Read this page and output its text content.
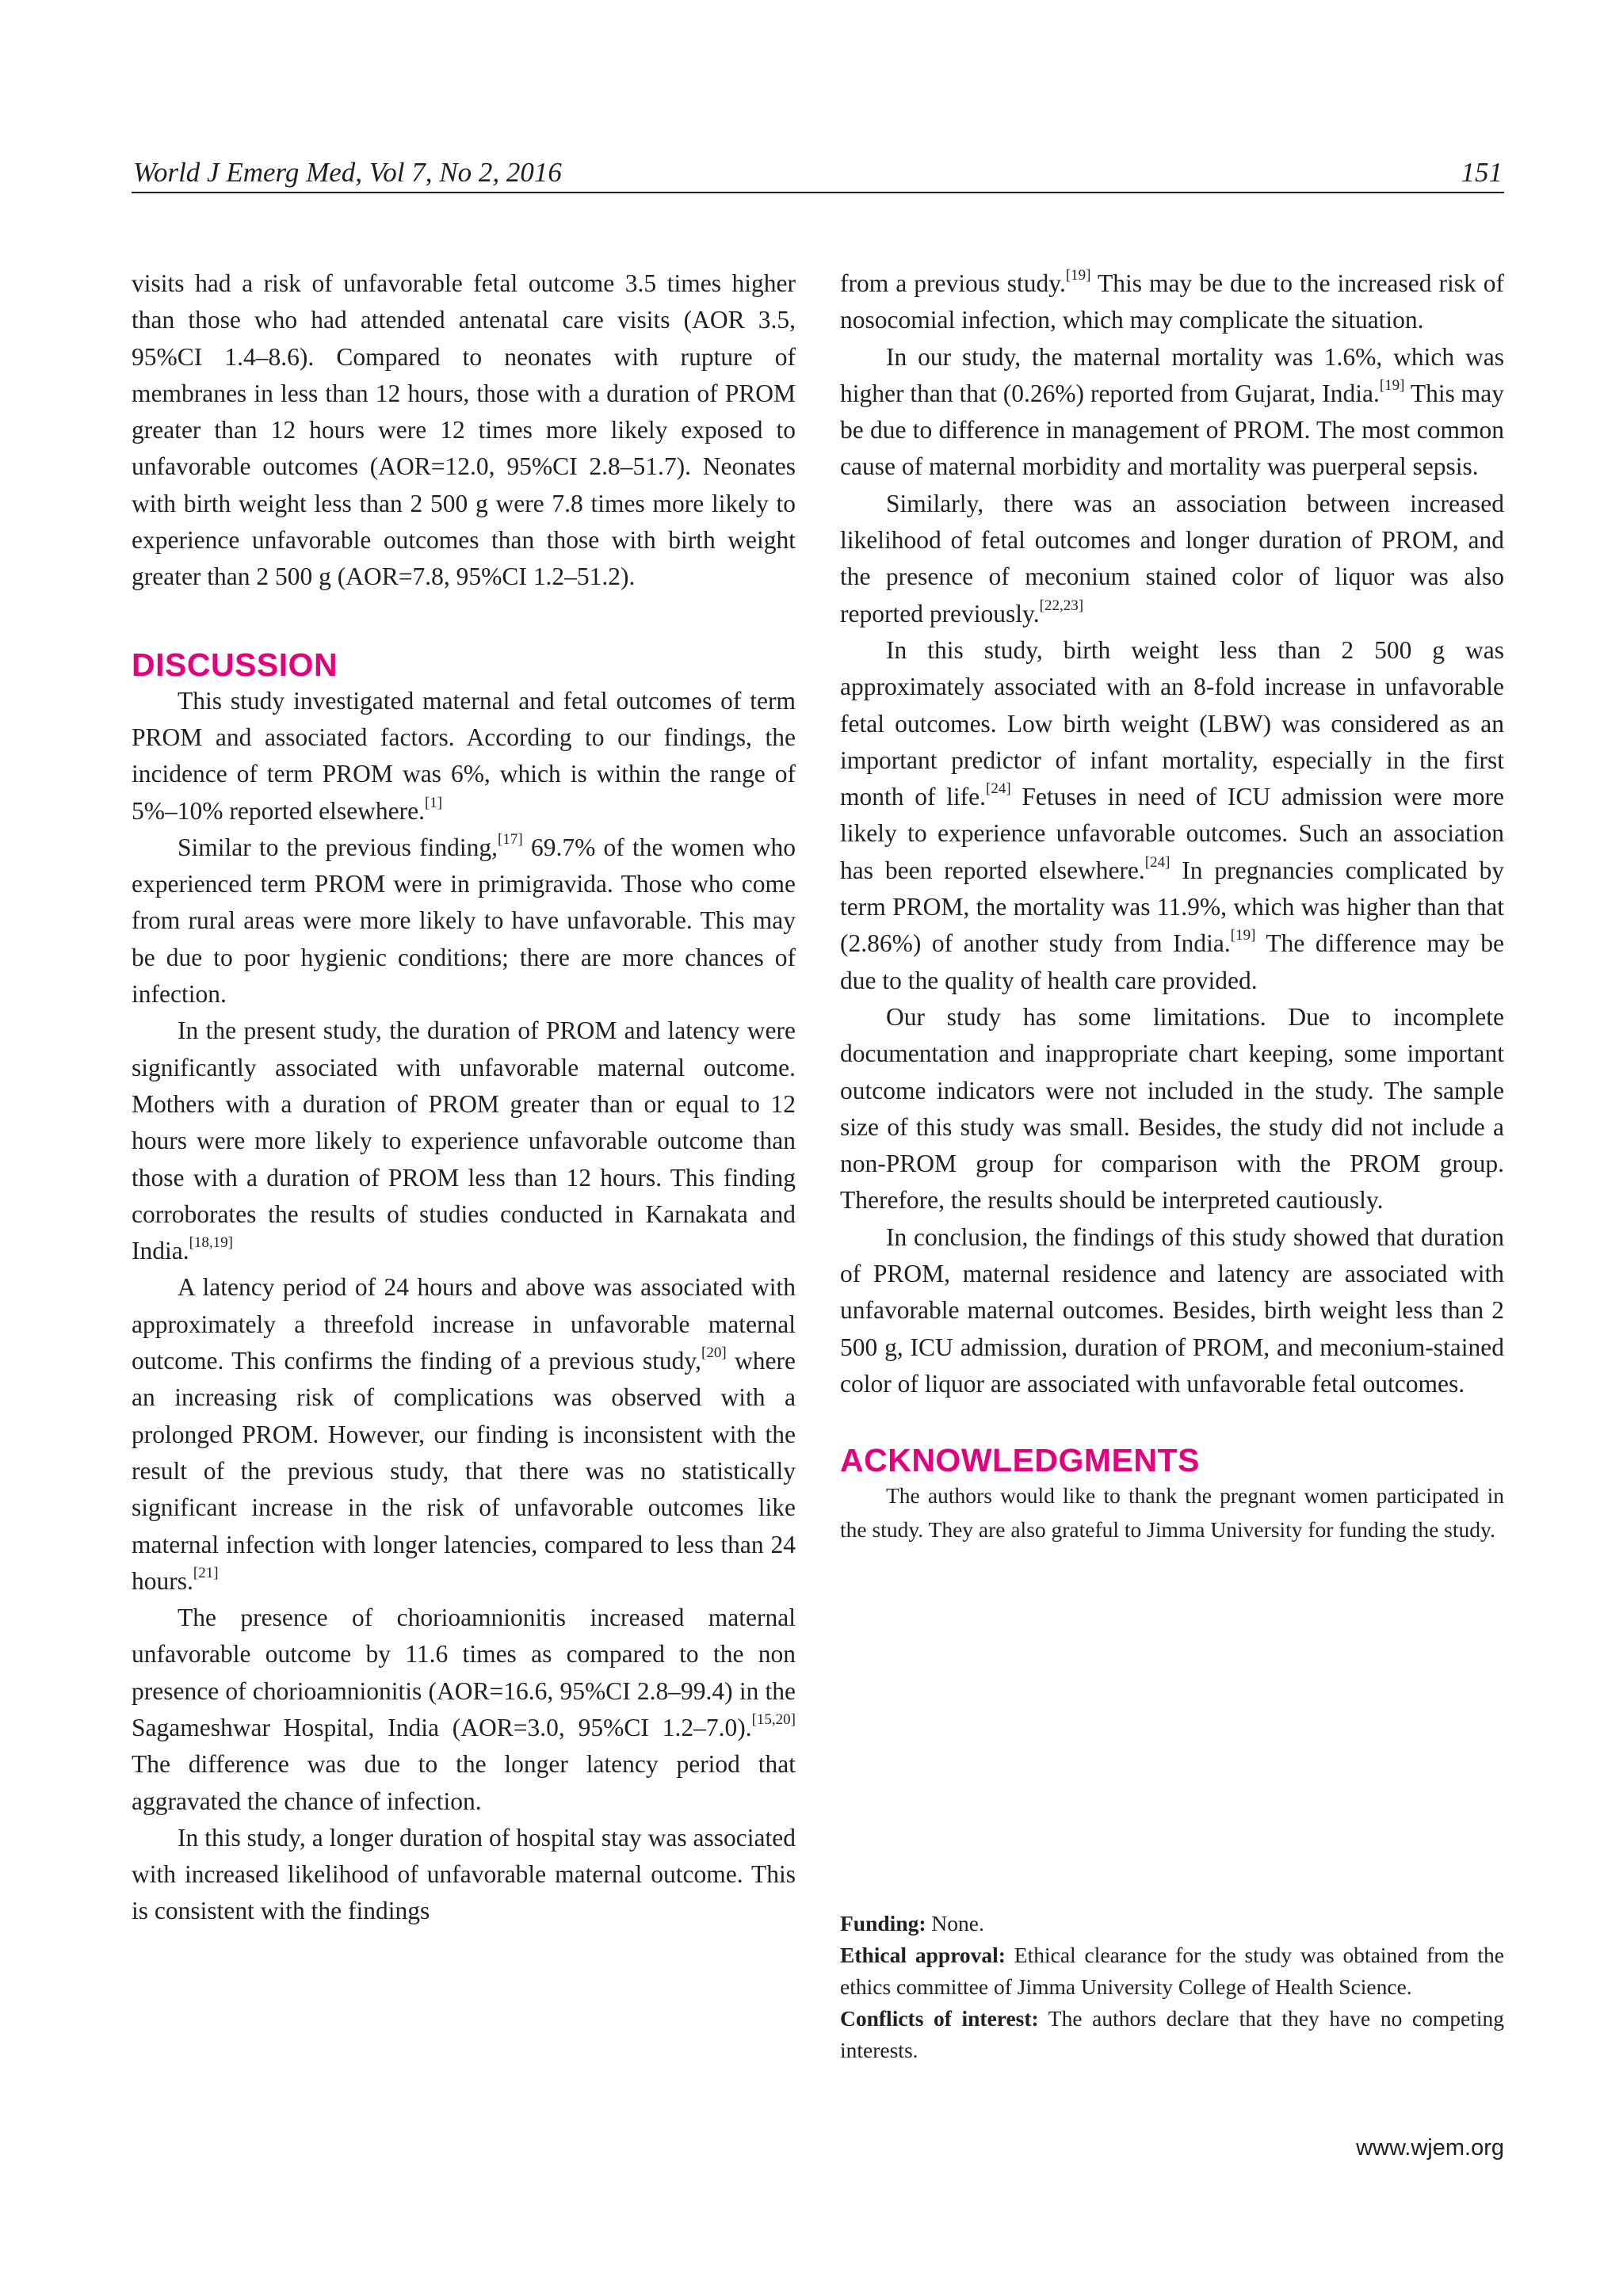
World J Emerg Med, Vol 7, No 2, 2016	151

visits had a risk of unfavorable fetal outcome 3.5 times higher than those who had attended antenatal care visits (AOR 3.5, 95%CI 1.4–8.6). Compared to neonates with rupture of membranes in less than 12 hours, those with a duration of PROM greater than 12 hours were 12 times more likely exposed to unfavorable outcomes (AOR=12.0, 95%CI 2.8–51.7). Neonates with birth weight less than 2 500 g were 7.8 times more likely to experience unfavorable outcomes than those with birth weight greater than 2 500 g (AOR=7.8, 95%CI 1.2–51.2).

DISCUSSION

This study investigated maternal and fetal outcomes of term PROM and associated factors. According to our findings, the incidence of term PROM was 6%, which is within the range of 5%–10% reported elsewhere.[1]

Similar to the previous finding,[17] 69.7% of the women who experienced term PROM were in primigravida. Those who come from rural areas were more likely to have unfavorable. This may be due to poor hygienic conditions; there are more chances of infection.

In the present study, the duration of PROM and latency were significantly associated with unfavorable maternal outcome. Mothers with a duration of PROM greater than or equal to 12 hours were more likely to experience unfavorable outcome than those with a duration of PROM less than 12 hours. This finding corroborates the results of studies conducted in Karnakata and India.[18,19]

A latency period of 24 hours and above was associated with approximately a threefold increase in unfavorable maternal outcome. This confirms the finding of a previous study,[20] where an increasing risk of complications was observed with a prolonged PROM. However, our finding is inconsistent with the result of the previous study, that there was no statistically significant increase in the risk of unfavorable outcomes like maternal infection with longer latencies, compared to less than 24 hours.[21]

The presence of chorioamnionitis increased maternal unfavorable outcome by 11.6 times as compared to the non presence of chorioamnionitis (AOR=16.6, 95%CI 2.8–99.4) in the Sagameshwar Hospital, India (AOR=3.0, 95%CI 1.2–7.0).[15,20] The difference was due to the longer latency period that aggravated the chance of infection.

In this study, a longer duration of hospital stay was associated with increased likelihood of unfavorable maternal outcome. This is consistent with the findings

from a previous study.[19] This may be due to the increased risk of nosocomial infection, which may complicate the situation.

In our study, the maternal mortality was 1.6%, which was higher than that (0.26%) reported from Gujarat, India.[19] This may be due to difference in management of PROM. The most common cause of maternal morbidity and mortality was puerperal sepsis.

Similarly, there was an association between increased likelihood of fetal outcomes and longer duration of PROM, and the presence of meconium stained color of liquor was also reported previously.[22,23]

In this study, birth weight less than 2 500 g was approximately associated with an 8-fold increase in unfavorable fetal outcomes. Low birth weight (LBW) was considered as an important predictor of infant mortality, especially in the first month of life.[24] Fetuses in need of ICU admission were more likely to experience unfavorable outcomes. Such an association has been reported elsewhere.[24] In pregnancies complicated by term PROM, the mortality was 11.9%, which was higher than that (2.86%) of another study from India.[19] The difference may be due to the quality of health care provided.

Our study has some limitations. Due to incomplete documentation and inappropriate chart keeping, some important outcome indicators were not included in the study. The sample size of this study was small. Besides, the study did not include a non-PROM group for comparison with the PROM group. Therefore, the results should be interpreted cautiously.

In conclusion, the findings of this study showed that duration of PROM, maternal residence and latency are associated with unfavorable maternal outcomes. Besides, birth weight less than 2 500 g, ICU admission, duration of PROM, and meconium-stained color of liquor are associated with unfavorable fetal outcomes.

ACKNOWLEDGMENTS

The authors would like to thank the pregnant women participated in the study. They are also grateful to Jimma University for funding the study.

Funding: None.

Ethical approval: Ethical clearance for the study was obtained from the ethics committee of Jimma University College of Health Science.

Conflicts of interest: The authors declare that they have no competing interests.

www.wjem.org
